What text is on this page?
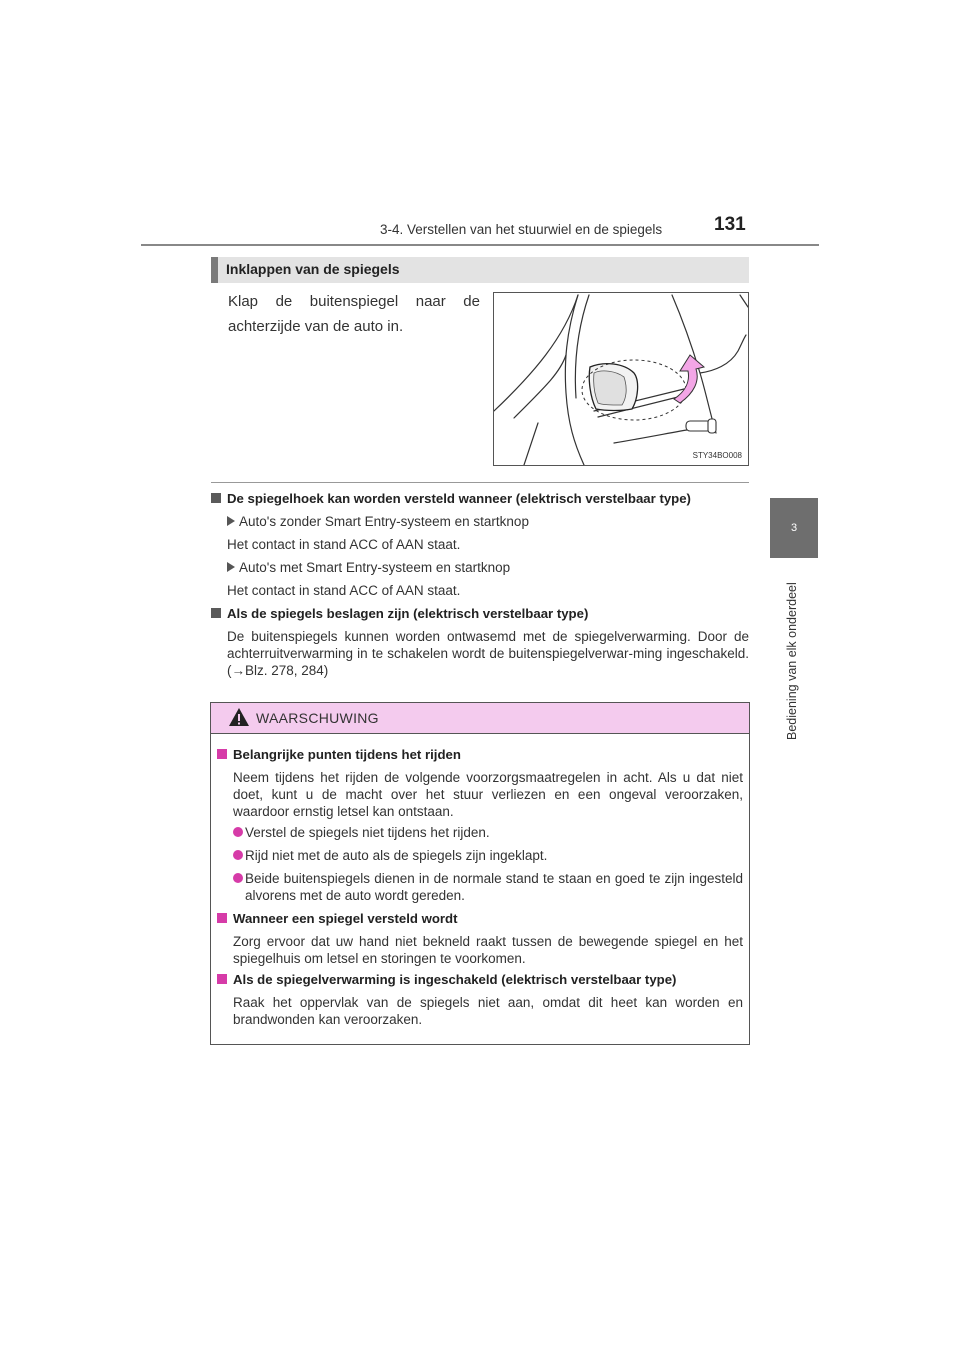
3-4. Verstellen van het stuurwiel en de spiegels	131
3
Bediening van elk onderdeel
Inklappen van de spiegels
Klap de buitenspiegel naar de achterzijde van de auto in.
STY34BO008
De spiegelhoek kan worden versteld wanneer (elektrisch verstelbaar type)
Auto's zonder Smart Entry-systeem en startknop
Het contact in stand ACC of AAN staat.
Auto's met Smart Entry-systeem en startknop
Het contact in stand ACC of AAN staat.
Als de spiegels beslagen zijn (elektrisch verstelbaar type)
De buitenspiegels kunnen worden ontwasemd met de spiegelverwarming. Door de achterruitverwarming in te schakelen wordt de buitenspiegelverwar-ming ingeschakeld. (→Blz. 278, 284)
WAARSCHUWING
Belangrijke punten tijdens het rijden
Neem tijdens het rijden de volgende voorzorgsmaatregelen in acht. Als u dat niet doet, kunt u de macht over het stuur verliezen en een ongeval veroorzaken, waardoor ernstig letsel kan ontstaan.
Verstel de spiegels niet tijdens het rijden.
Rijd niet met de auto als de spiegels zijn ingeklapt.
Beide buitenspiegels dienen in de normale stand te staan en goed te zijn ingesteld alvorens met de auto wordt gereden.
Wanneer een spiegel versteld wordt
Zorg ervoor dat uw hand niet bekneld raakt tussen de bewegende spiegel en het spiegelhuis om letsel en storingen te voorkomen.
Als de spiegelverwarming is ingeschakeld (elektrisch verstelbaar type)
Raak het oppervlak van de spiegels niet aan, omdat dit heet kan worden en brandwonden kan veroorzaken.
